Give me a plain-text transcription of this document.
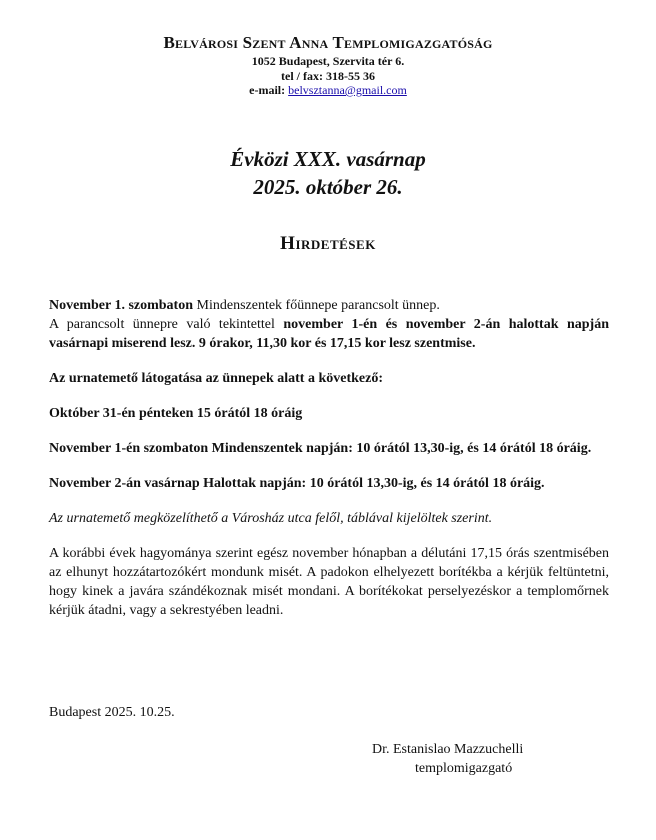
Belvárosi Szent Anna Templomigazgatóság
1052 Budapest, Szervita tér 6.
tel / fax: 318-55 36
e-mail: belvsztanna@gmail.com
Évközi XXX. vasárnap
2025. október 26.
Hirdetések

November 1. szombaton Mindenszentek főünnepe parancsolt ünnep.

A parancsolt ünnepre való tekintettel november 1-én és november 2-án halottak napján vasárnapi miserend lesz. 9 órakor, 11,30 kor és 17,15 kor lesz szentmise.

Az urnatemető látogatása az ünnepek alatt a következő:

Október 31-én pénteken 15 órától 18 óráig

November 1-én szombaton Mindenszentek napján: 10 órától 13,30-ig, és 14 órától 18 óráig.

November 2-án vasárnap Halottak napján: 10 órától 13,30-ig, és 14 órától 18 óráig.

Az urnatemető megközelíthető a Városház utca felől, táblával kijelöltek szerint.

A korábbi évek hagyománya szerint egész november hónapban a délutáni 17,15 órás szentmisében az elhunyt hozzátartozókért mondunk misét. A padokon elhelyezett borítékba a kérjük feltüntetni, hogy kinek a javára szándékoznak misét mondani. A borítékokat perselyezéskor a templomőrnek kérjük átadni, vagy a sekrestyében leadni.

Budapest 2025. 10.25.
Dr. Estanislao Mazzuchelli
templomigazgató
